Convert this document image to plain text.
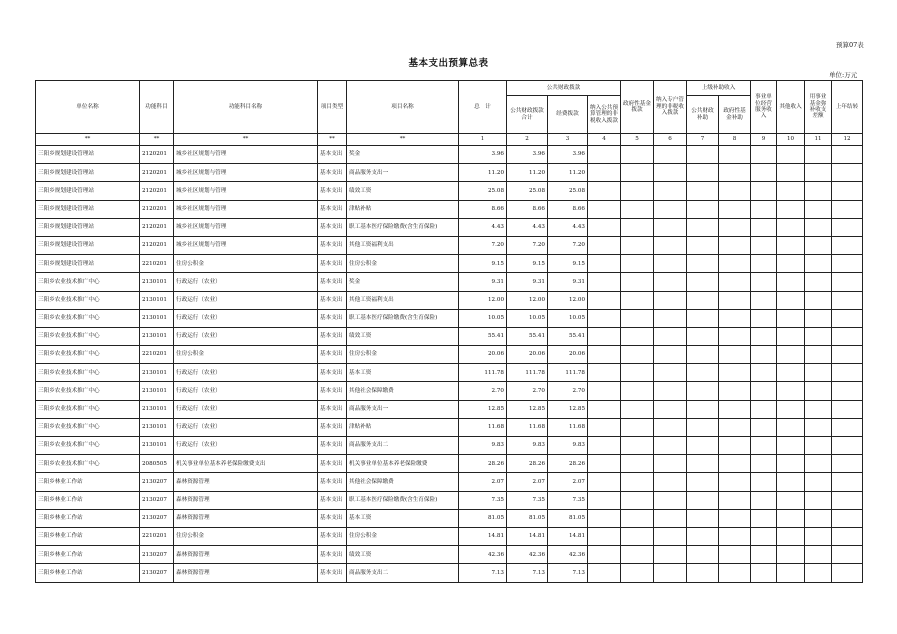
预算07表
基本支出预算总表
单位:万元
单位名称	功能科目	功能科目名称	项目类型	项目名称	总　计	公共财政拨款			政府性基金拨款	纳入专户管理的非税收入拨款	上级补助收入		事业单位经营服务收入	其他收入	用事业基金弥补收支差额	上年结转
						公共财政拨款合计	经费拨款	纳入公共预算管理的非税收入拨款			公共财政补助	政府性基金补助				
**	**	**	**	**	1	2	3	4	5	6	7	8	9	10	11	12
三阳乡规划建设管理站	2120201	城乡社区规划与管理	基本支出	奖金	3.96	3.96	3.96									
三阳乡规划建设管理站	2120201	城乡社区规划与管理	基本支出	商品服务支出一	11.20	11.20	11.20									
三阳乡规划建设管理站	2120201	城乡社区规划与管理	基本支出	绩效工资	25.08	25.08	25.08									
三阳乡规划建设管理站	2120201	城乡社区规划与管理	基本支出	津贴补贴	8.66	8.66	8.66									
三阳乡规划建设管理站	2120201	城乡社区规划与管理	基本支出	职工基本医疗保险缴费(含生育保险)	4.43	4.43	4.43									
三阳乡规划建设管理站	2120201	城乡社区规划与管理	基本支出	其他工资福利支出	7.20	7.20	7.20									
三阳乡规划建设管理站	2210201	住房公积金	基本支出	住房公积金	9.15	9.15	9.15									
三阳乡农业技术推广中心	2130101	行政运行（农业）	基本支出	奖金	9.31	9.31	9.31									
三阳乡农业技术推广中心	2130101	行政运行（农业）	基本支出	其他工资福利支出	12.00	12.00	12.00									
三阳乡农业技术推广中心	2130101	行政运行（农业）	基本支出	职工基本医疗保险缴费(含生育保险)	10.05	10.05	10.05									
三阳乡农业技术推广中心	2130101	行政运行（农业）	基本支出	绩效工资	55.41	55.41	55.41									
三阳乡农业技术推广中心	2210201	住房公积金	基本支出	住房公积金	20.06	20.06	20.06									
三阳乡农业技术推广中心	2130101	行政运行（农业）	基本支出	基本工资	111.78	111.78	111.78									
三阳乡农业技术推广中心	2130101	行政运行（农业）	基本支出	其他社会保障缴费	2.70	2.70	2.70									
三阳乡农业技术推广中心	2130101	行政运行（农业）	基本支出	商品服务支出一	12.85	12.85	12.85									
三阳乡农业技术推广中心	2130101	行政运行（农业）	基本支出	津贴补贴	11.68	11.68	11.68									
三阳乡农业技术推广中心	2130101	行政运行（农业）	基本支出	商品服务支出二	9.83	9.83	9.83									
三阳乡农业技术推广中心	2080505	机关事业单位基本养老保险缴费支出	基本支出	机关事业单位基本养老保险缴费	28.26	28.26	28.26									
三阳乡林业工作站	2130207	森林资源管理	基本支出	其他社会保障缴费	2.07	2.07	2.07									
三阳乡林业工作站	2130207	森林资源管理	基本支出	职工基本医疗保险缴费(含生育保险)	7.35	7.35	7.35									
三阳乡林业工作站	2130207	森林资源管理	基本支出	基本工资	81.05	81.05	81.05									
三阳乡林业工作站	2210201	住房公积金	基本支出	住房公积金	14.81	14.81	14.81									
三阳乡林业工作站	2130207	森林资源管理	基本支出	绩效工资	42.36	42.36	42.36									
三阳乡林业工作站	2130207	森林资源管理	基本支出	商品服务支出二	7.13	7.13	7.13									
